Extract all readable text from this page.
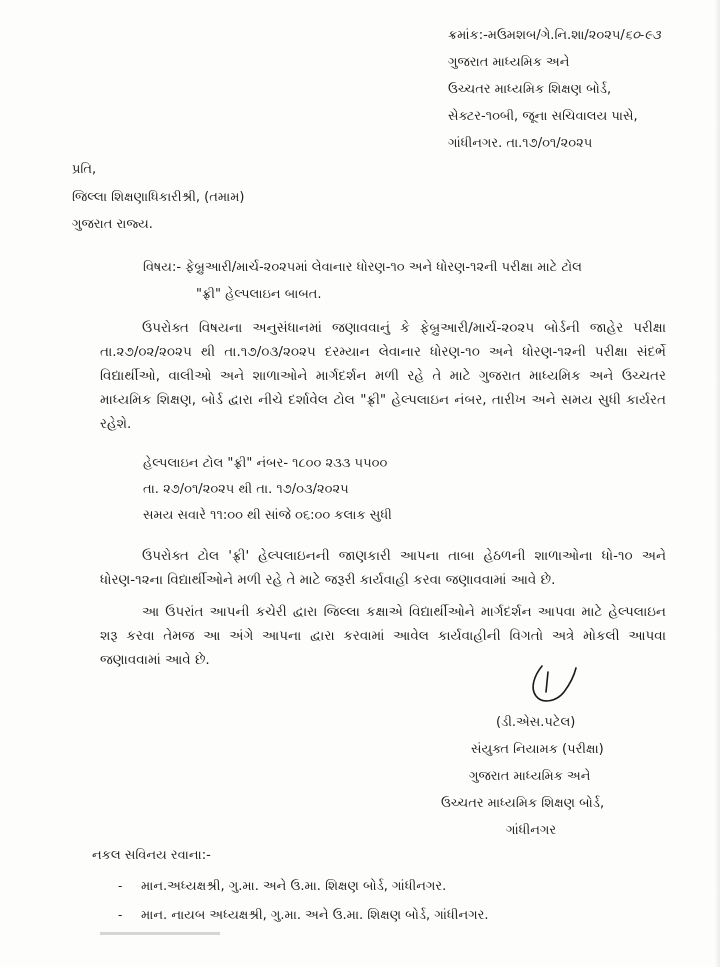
ક્રમાંક:-મઉમશબ/ગે.નિ.શા/૨૦૨૫/૬૦-૯૩
ગુજરાત માધ્યમિક અને
ઉચ્ચતર માધ્યમિક શિક્ષણ બોર્ડ,
સેક્ટર-૧૦બી, જૂના સચિવાલય પાસે,
ગાંધીનગર. તા.૧૭/૦૧/૨૦૨૫
પ્રતિ,
જિલ્લા શિક્ષણાધિકારીશ્રી, (તમામ)
ગુજરાત રાજ્ય.
વિષય:- ફેબ્રુઆરી/માર્ચ-૨૦૨૫માં લેવાનાર ધોરણ-૧૦ અને ધોરણ-૧૨ની પરીક્ષા માટે ટોલ
"ફ્રી" હેલ્પલાઇન બાબત.
ઉપરોક્ત વિષયના અનુસંધાનમાં જણાવવાનું કે ફેબ્રુઆરી/માર્ચ-૨૦૨૫ બોર્ડની જાહેર પરીક્ષા તા.૨૭/૦૨/૨૦૨૫ થી તા.૧૭/૦૩/૨૦૨૫ દરમ્યાન લેવાનાર ધોરણ-૧૦ અને ધોરણ-૧૨ની પરીક્ષા સંદર્ભે વિદ્યાર્થીઓ, વાલીઓ અને શાળાઓને માર્ગદર્શન મળી રહે તે માટે ગુજરાત માધ્યમિક અને ઉચ્ચતર માધ્યમિક શિક્ષણ, બોર્ડ દ્વારા નીચે દર્શાવેલ ટોલ "ફ્રી" હેલ્પલાઇન નંબર, તારીખ અને સમય સુધી કાર્યરત રહેશે.
હેલ્પલાઇન ટોલ "ફ્રી" નંબર- ૧૮૦૦ ૨૩૩ ૫૫૦૦
તા. ૨૭/૦૧/૨૦૨૫ થી તા. ૧૭/૦૩/૨૦૨૫
સમય સવારે ૧૧:૦૦ થી સાંજે ૦૬:૦૦ કલાક સુધી
ઉપરોક્ત ટોલ 'ફ્રી' હેલ્પલાઇનની જાણકારી આપના તાબા હેઠળની શાળાઓના ધો-૧૦ અને ધોરણ-૧૨ના વિદ્યાર્થીઓને મળી રહે તે માટે જરૂરી કાર્યવાહી કરવા જણાવવામાં આવે છે.
આ ઉપરાંત આપની કચેરી દ્વારા જિલ્લા કક્ષાએ વિદ્યાર્થીઓને માર્ગદર્શન આપવા માટે હેલ્પલાઇન શરૂ કરવા તેમજ આ અંગે આપના દ્વારા કરવામાં આવેલ કાર્યવાહીની વિગતો અત્રે મોકલી આપવા જણાવવામાં આવે છે.
(ડી.એસ.પટેલ)
સંયુક્ત નિયામક (પરીક્ષા)
ગુજરાત માધ્યમિક અને
ઉચ્ચતર માધ્યમિક શિક્ષણ બોર્ડ,
ગાંધીનગર
નકલ સવિનય રવાના:-
- માન.અધ્યક્ષશ્રી, ગુ.મા. અને ઉ.મા. શિક્ષણ બોર્ડ, ગાંધીનગર.
- માન. નાયબ અધ્યક્ષશ્રી, ગુ.મા. અને ઉ.મા. શિક્ષણ બોર્ડ, ગાંધીનગર.
